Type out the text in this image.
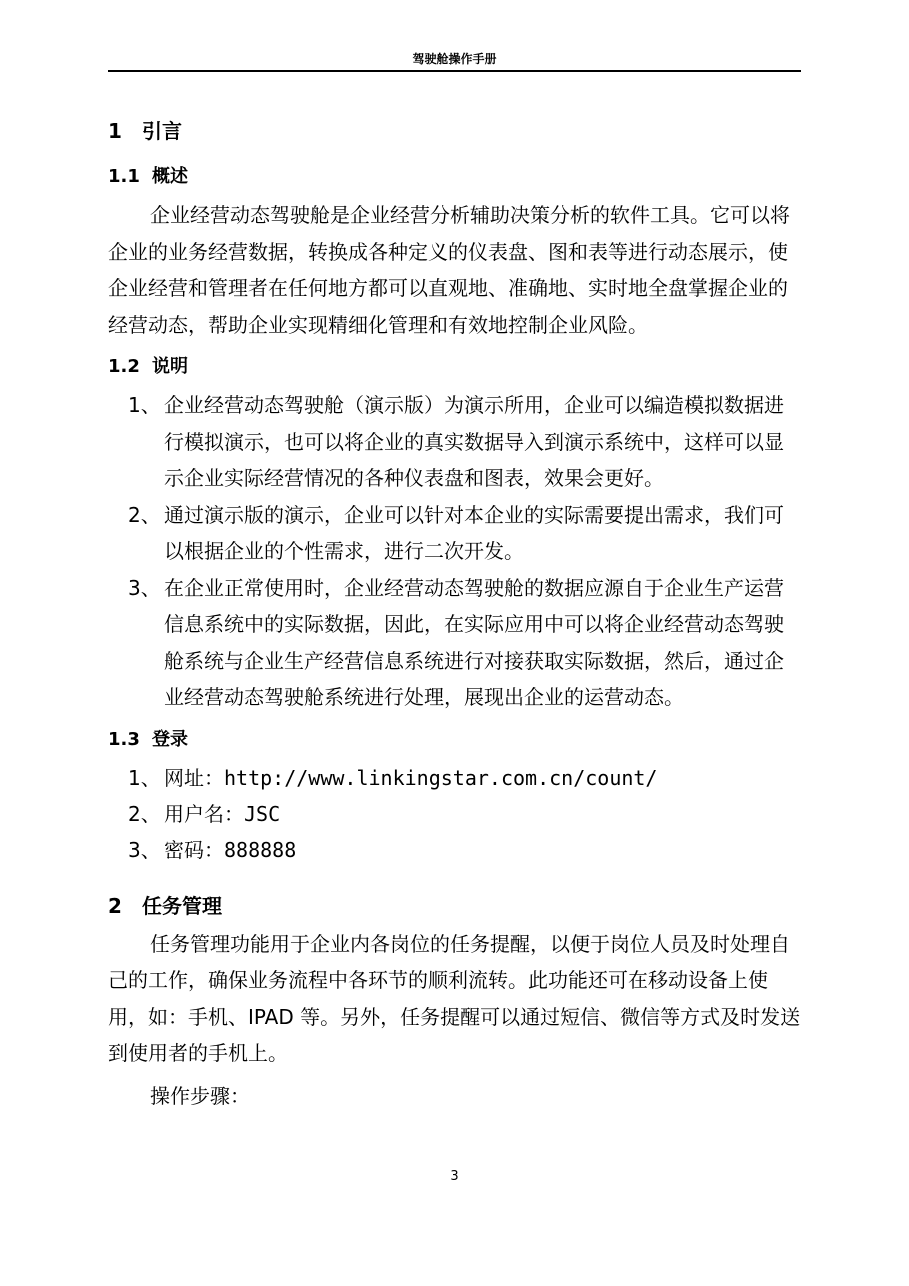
驾驶舱操作手册
1 引言
1.1 概述

企业经营动态驾驶舱是企业经营分析辅助决策分析的软件工具。它可以将企业的业务经营数据，转换成各种定义的仪表盘、图和表等进行动态展示，使企业经营和管理者在任何地方都可以直观地、准确地、实时地全盘掌握企业的经营动态，帮助企业实现精细化管理和有效地控制企业风险。

1.2 说明
1、 企业经营动态驾驶舱（演示版）为演示所用，企业可以编造模拟数据进行模拟演示，也可以将企业的真实数据导入到演示系统中，这样可以显示企业实际经营情况的各种仪表盘和图表，效果会更好。
2、 通过演示版的演示，企业可以针对本企业的实际需要提出需求，我们可以根据企业的个性需求，进行二次开发。
3、 在企业正常使用时，企业经营动态驾驶舱的数据应源自于企业生产运营信息系统中的实际数据，因此，在实际应用中可以将企业经营动态驾驶舱系统与企业生产经营信息系统进行对接获取实际数据，然后，通过企业经营动态驾驶舱系统进行处理，展现出企业的运营动态。
1.3 登录
1、 网址：http://www.linkingstar.com.cn/count/
2、 用户名：JSC
3、 密码：888888
2 任务管理

任务管理功能用于企业内各岗位的任务提醒，以便于岗位人员及时处理自己的工作，确保业务流程中各环节的顺利流转。此功能还可在移动设备上使用，如：手机、IPAD 等。另外，任务提醒可以通过短信、微信等方式及时发送到使用者的手机上。

操作步骤：

3
